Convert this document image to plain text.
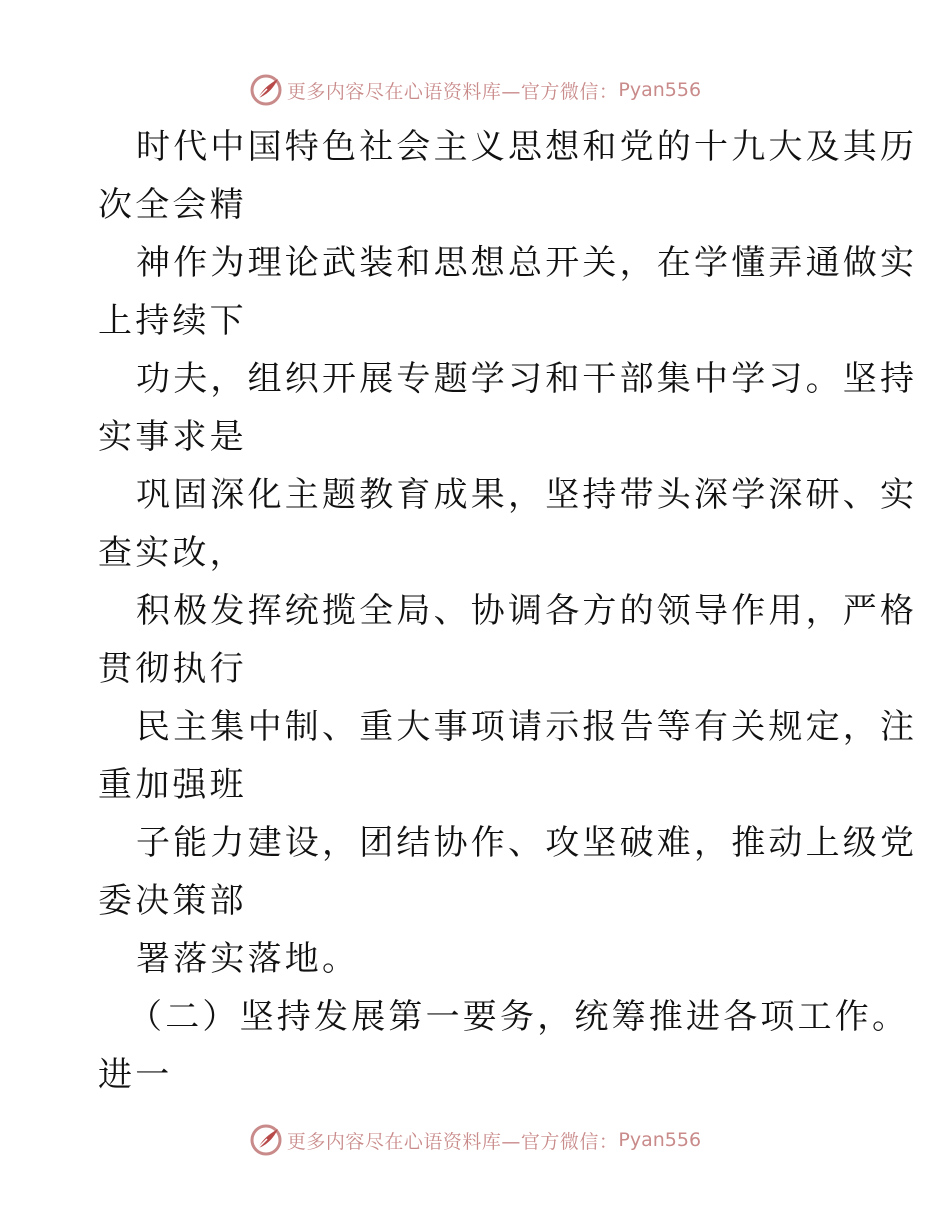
更多内容尽在心语资料库—官方微信： Pyan556
时代中国特色社会主义思想和党的十九大及其历
次全会精
神作为理论武装和思想总开关，在学懂弄通做实
上持续下
功夫，组织开展专题学习和干部集中学习。坚持
实事求是
巩固深化主题教育成果，坚持带头深学深研、实
查实改，
积极发挥统揽全局、协调各方的领导作用，严格
贯彻执行
民主集中制、重大事项请示报告等有关规定，注
重加强班
子能力建设，团结协作、攻坚破难，推动上级党
委决策部
署落实落地。
（二）坚持发展第一要务，统筹推进各项工作。
进一
更多内容尽在心语资料库—官方微信： Pyan556
